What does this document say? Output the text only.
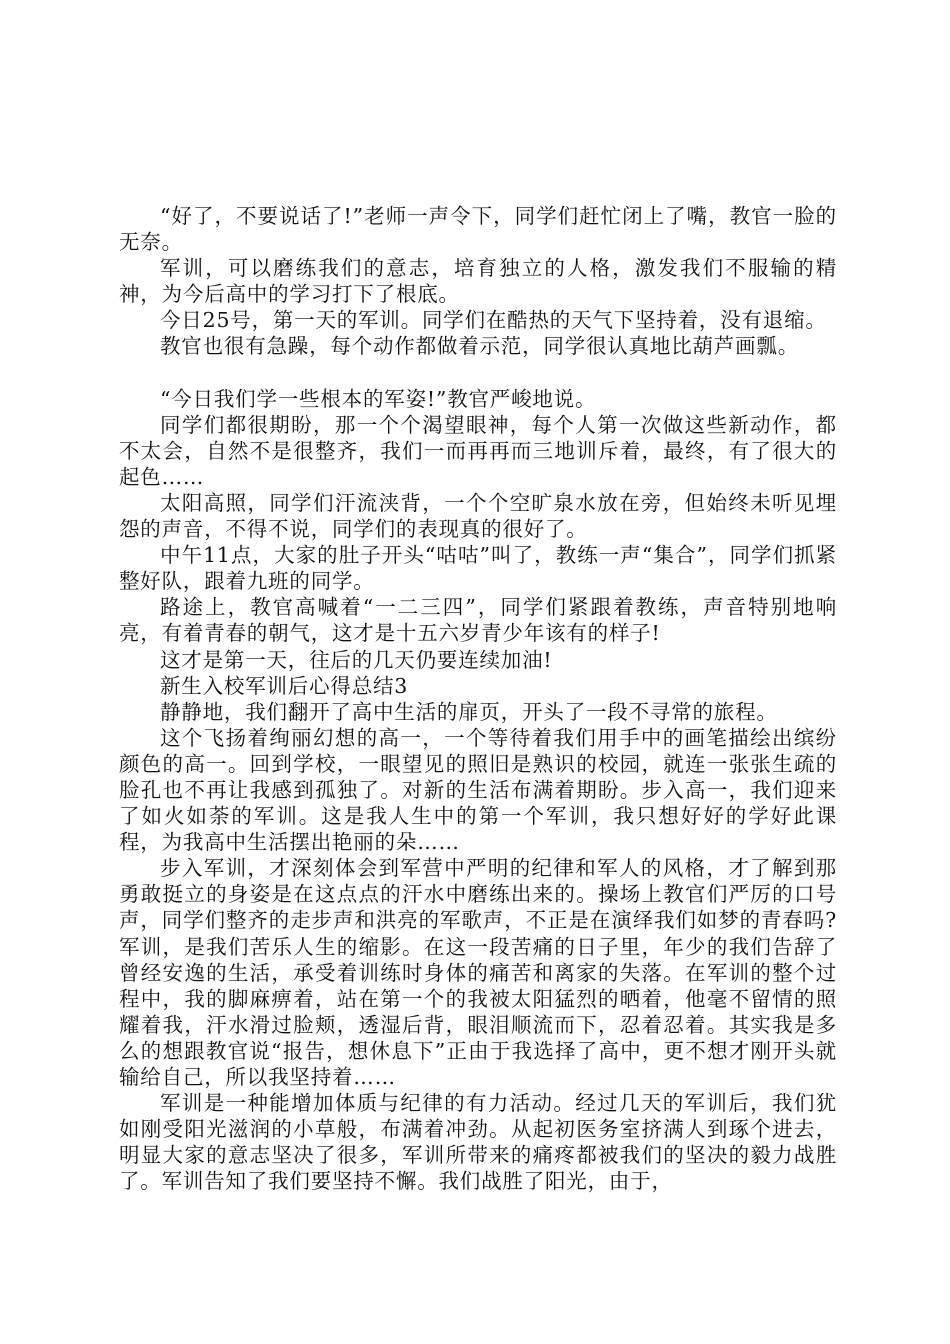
“好了，不要说话了!”老师一声令下，同学们赶忙闭上了嘴，教官一脸的无奈。

军训，可以磨练我们的意志，培育独立的人格，激发我们不服输的精神，为今后高中的学习打下了根底。

今日25号，第一天的军训。同学们在酷热的天气下坚持着，没有退缩。

教官也很有急躁，每个动作都做着示范，同学很认真地比葫芦画瓢。

“今日我们学一些根本的军姿!”教官严峻地说。

同学们都很期盼，那一个个渴望眼神，每个人第一次做这些新动作，都不太会，自然不是很整齐，我们一而再再而三地训斥着，最终，有了很大的起色……

太阳高照，同学们汗流浃背，一个个空旷泉水放在旁，但始终未听见埋怨的声音，不得不说，同学们的表现真的很好了。

中午11点，大家的肚子开头“咕咕”叫了，教练一声“集合”，同学们抓紧整好队，跟着九班的同学。

路途上，教官高喊着“一二三四”，同学们紧跟着教练，声音特别地响亮，有着青春的朝气，这才是十五六岁青少年该有的样子!

这才是第一天，往后的几天仍要连续加油!

新生入校军训后心得总结3

静静地，我们翻开了高中生活的扉页，开头了一段不寻常的旅程。

这个飞扬着绚丽幻想的高一，一个等待着我们用手中的画笔描绘出缤纷颜色的高一。回到学校，一眼望见的照旧是熟识的校园，就连一张张生疏的脸孔也不再让我感到孤独了。对新的生活布满着期盼。步入高一，我们迎来了如火如荼的军训。这是我人生中的第一个军训，我只想好好的学好此课程，为我高中生活摆出艳丽的朵……

步入军训，才深刻体会到军营中严明的纪律和军人的风格，才了解到那勇敢挺立的身姿是在这点点的汗水中磨练出来的。操场上教官们严厉的口号声，同学们整齐的走步声和洪亮的军歌声，不正是在演绎我们如梦的青春吗?军训，是我们苦乐人生的缩影。在这一段苦痛的日子里，年少的我们告辞了曾经安逸的生活，承受着训练时身体的痛苦和离家的失落。在军训的整个过程中，我的脚麻痹着，站在第一个的我被太阳猛烈的晒着，他毫不留情的照耀着我，汗水滑过脸颊，透湿后背，眼泪顺流而下，忍着忍着。其实我是多么的想跟教官说“报告，想休息下”正由于我选择了高中，更不想才刚开头就输给自己，所以我坚持着……

军训是一种能增加体质与纪律的有力活动。经过几天的军训后，我们犹如刚受阳光滋润的小草般，布满着冲劲。从起初医务室挤满人到琢个进去，明显大家的意志坚决了很多，军训所带来的痛疼都被我们的坚决的毅力战胜了。军训告知了我们要坚持不懈。我们战胜了阳光，由于，
